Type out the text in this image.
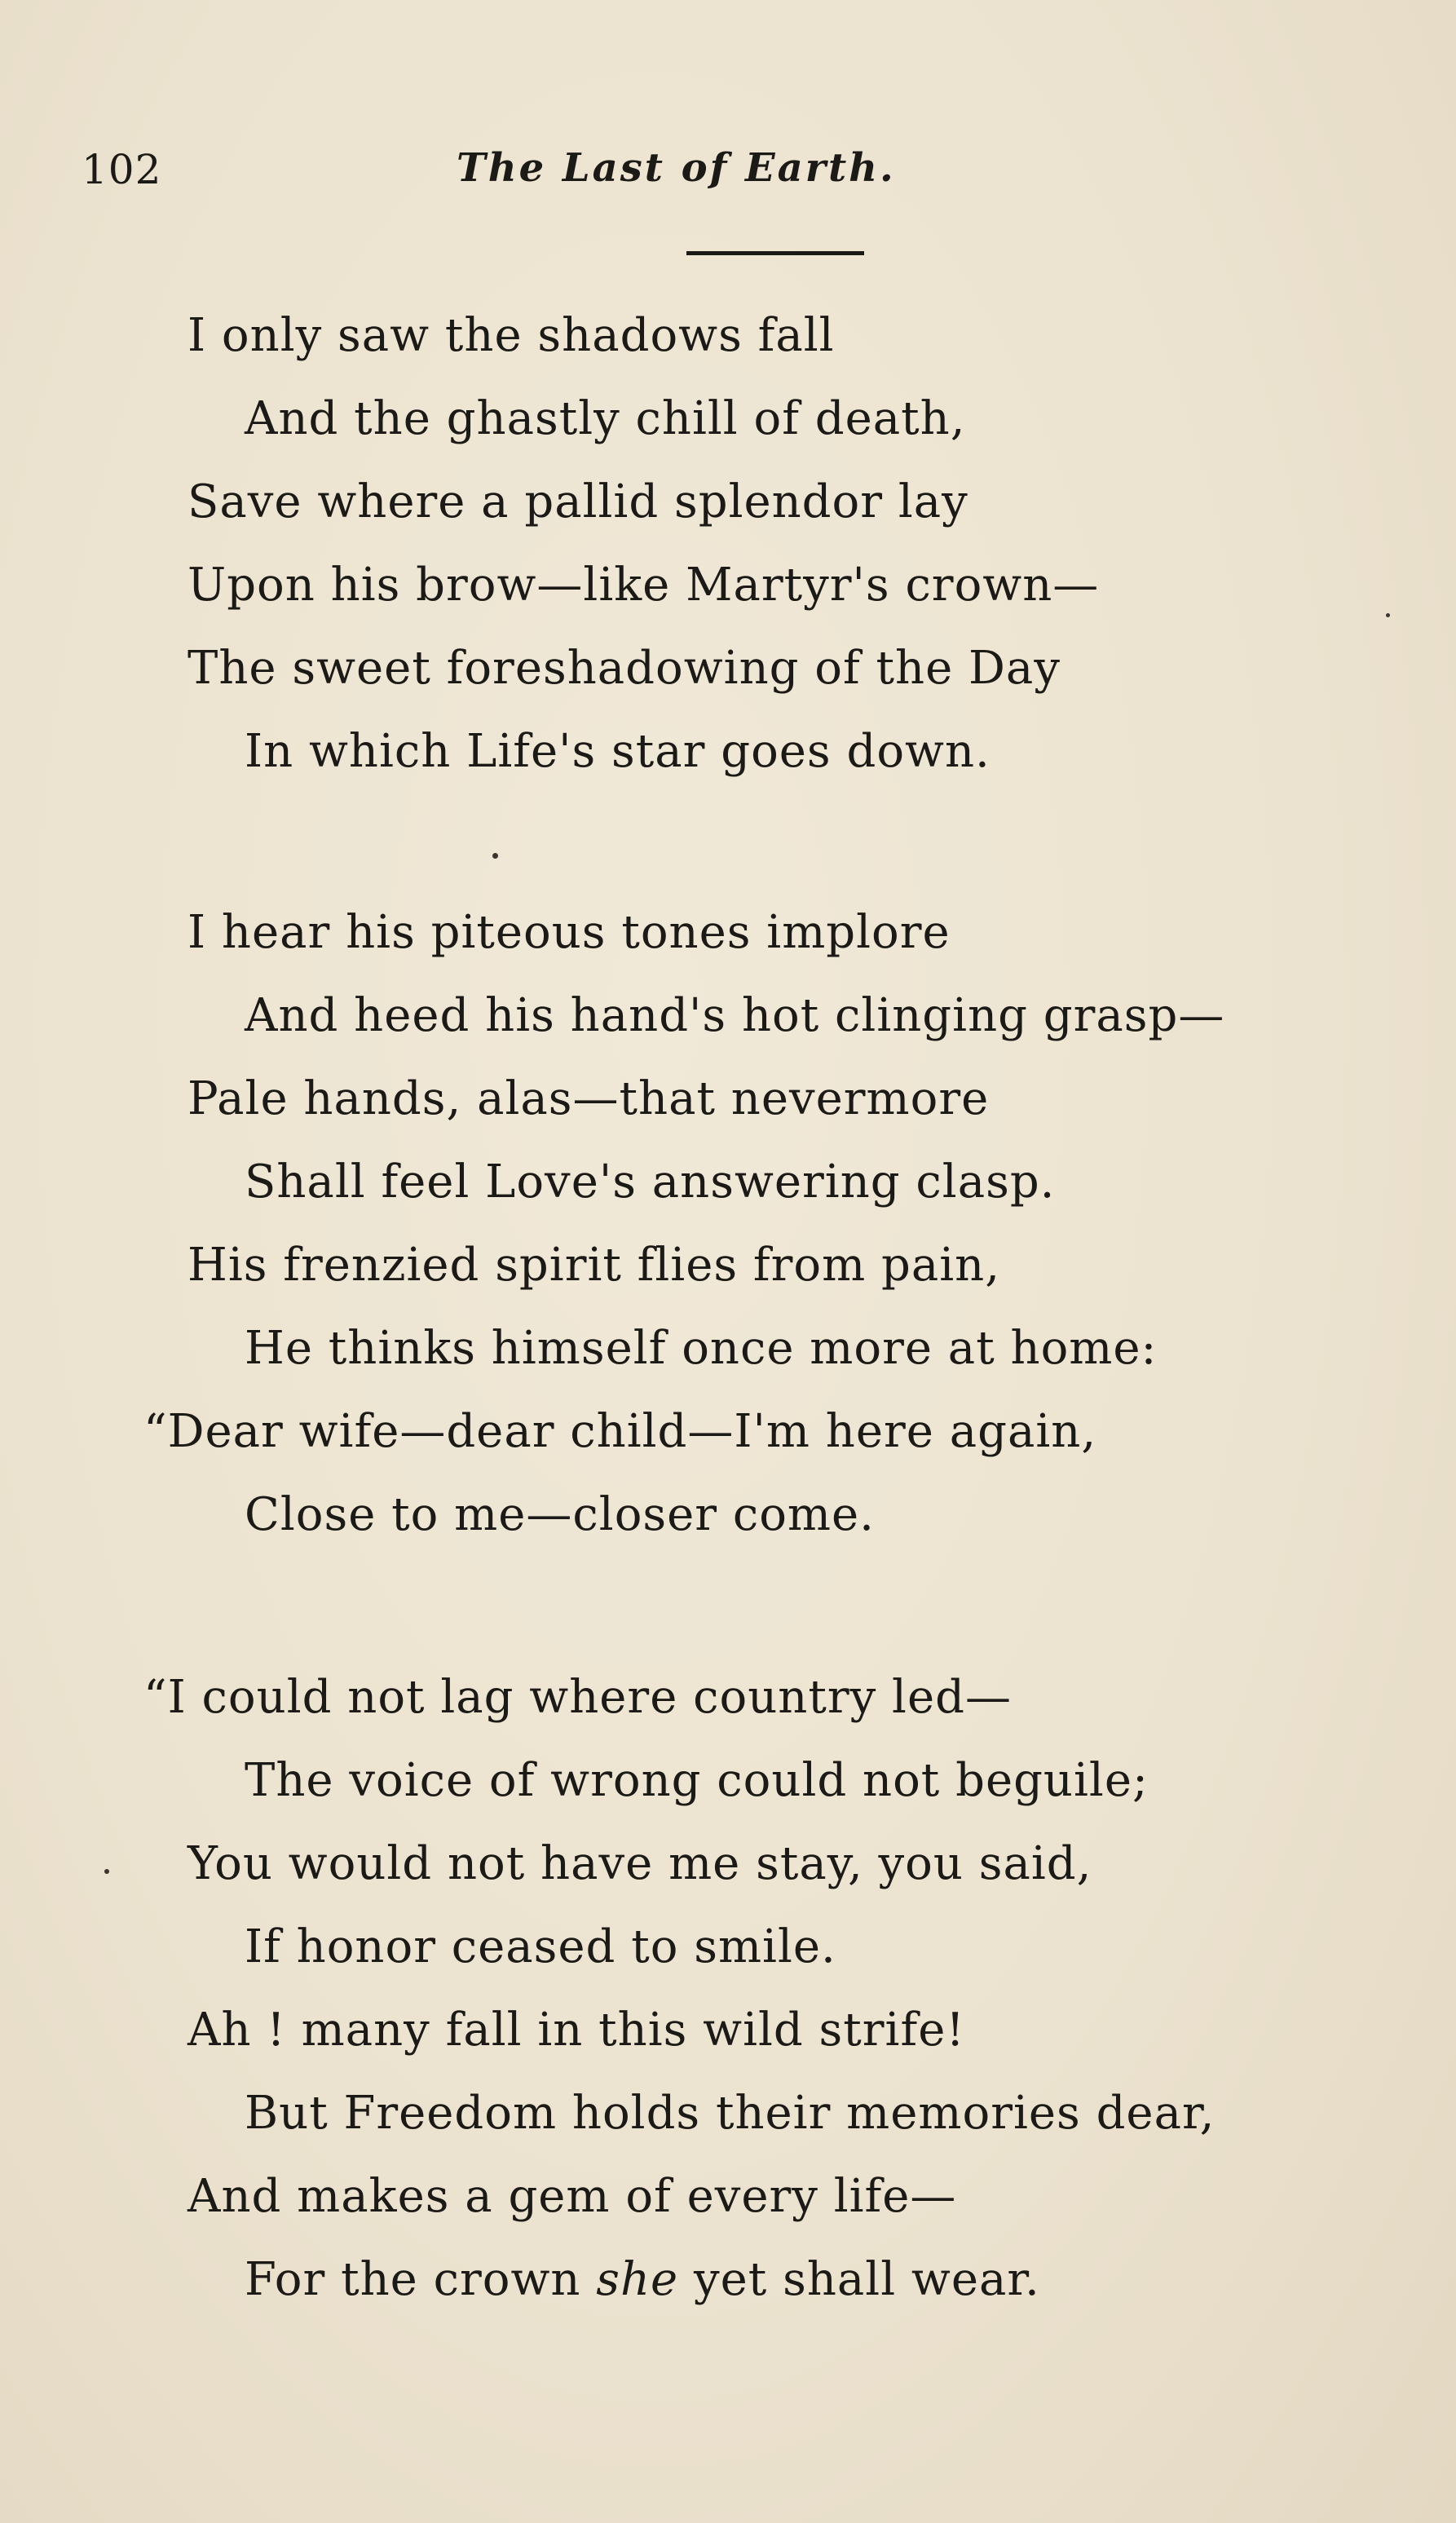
102	The Last of Earth.
I only saw the shadows fall
And the ghastly chill of death,
Save where a pallid splendor lay
Upon his brow—like Martyr's crown—
The sweet foreshadowing of the Day
In which Life's star goes down.
I hear his piteous tones implore
And heed his hand's hot clinging grasp—
Pale hands, alas—that nevermore
Shall feel Love's answering clasp.
His frenzied spirit flies from pain,
He thinks himself once more at home:
“Dear wife—dear child—I'm here again,
Close to me—closer come.
“I could not lag where country led—
The voice of wrong could not beguile;
You would not have me stay, you said,
If honor ceased to smile.
Ah ! many fall in this wild strife!
But Freedom holds their memories dear,
And makes a gem of every life—
For the crown she yet shall wear.
